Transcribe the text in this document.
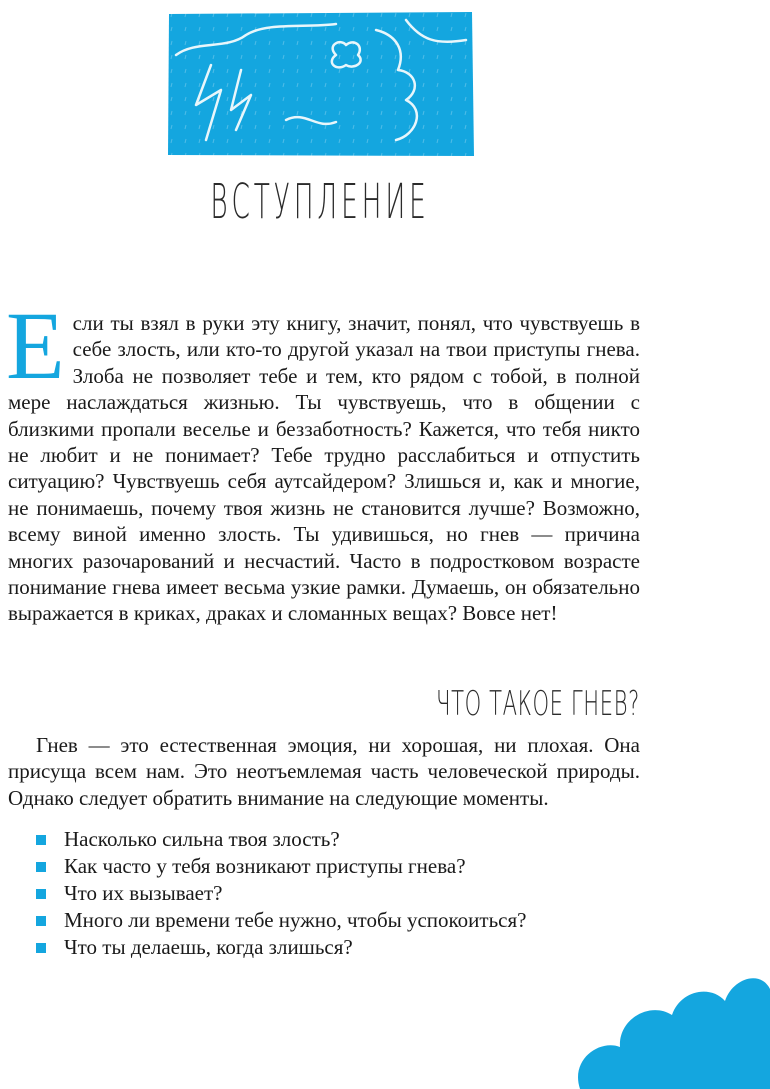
ВСТУПЛЕНИЕ
Если ты взял в руки эту книгу, значит, понял, что чувствуешь в себе злость, или кто-то другой указал на твои приступы гнева. Злоба не позволяет тебе и тем, кто рядом с тобой, в полной мере наслаждаться жизнью. Ты чувствуешь, что в общении с близкими пропали веселье и беззаботность? Кажется, что тебя никто не любит и не понимает? Тебе трудно расслабиться и отпустить ситуацию? Чувствуешь себя аутсайдером? Злишься и, как и многие, не понимаешь, почему твоя жизнь не становится лучше? Возможно, всему виной именно злость. Ты удивишься, но гнев — причина многих разочарований и несчастий. Часто в подростковом возрасте понимание гнева имеет весьма узкие рамки. Думаешь, он обязательно выражается в криках, драках и сломанных вещах? Вовсе нет!
ЧТО ТАКОЕ ГНЕВ?
Гнев — это естественная эмоция, ни хорошая, ни плохая. Она присуща всем нам. Это неотъемлемая часть человеческой природы. Однако следует обратить внимание на следующие моменты.
Насколько сильна твоя злость?
Как часто у тебя возникают приступы гнева?
Что их вызывает?
Много ли времени тебе нужно, чтобы успокоиться?
Что ты делаешь, когда злишься?
11
